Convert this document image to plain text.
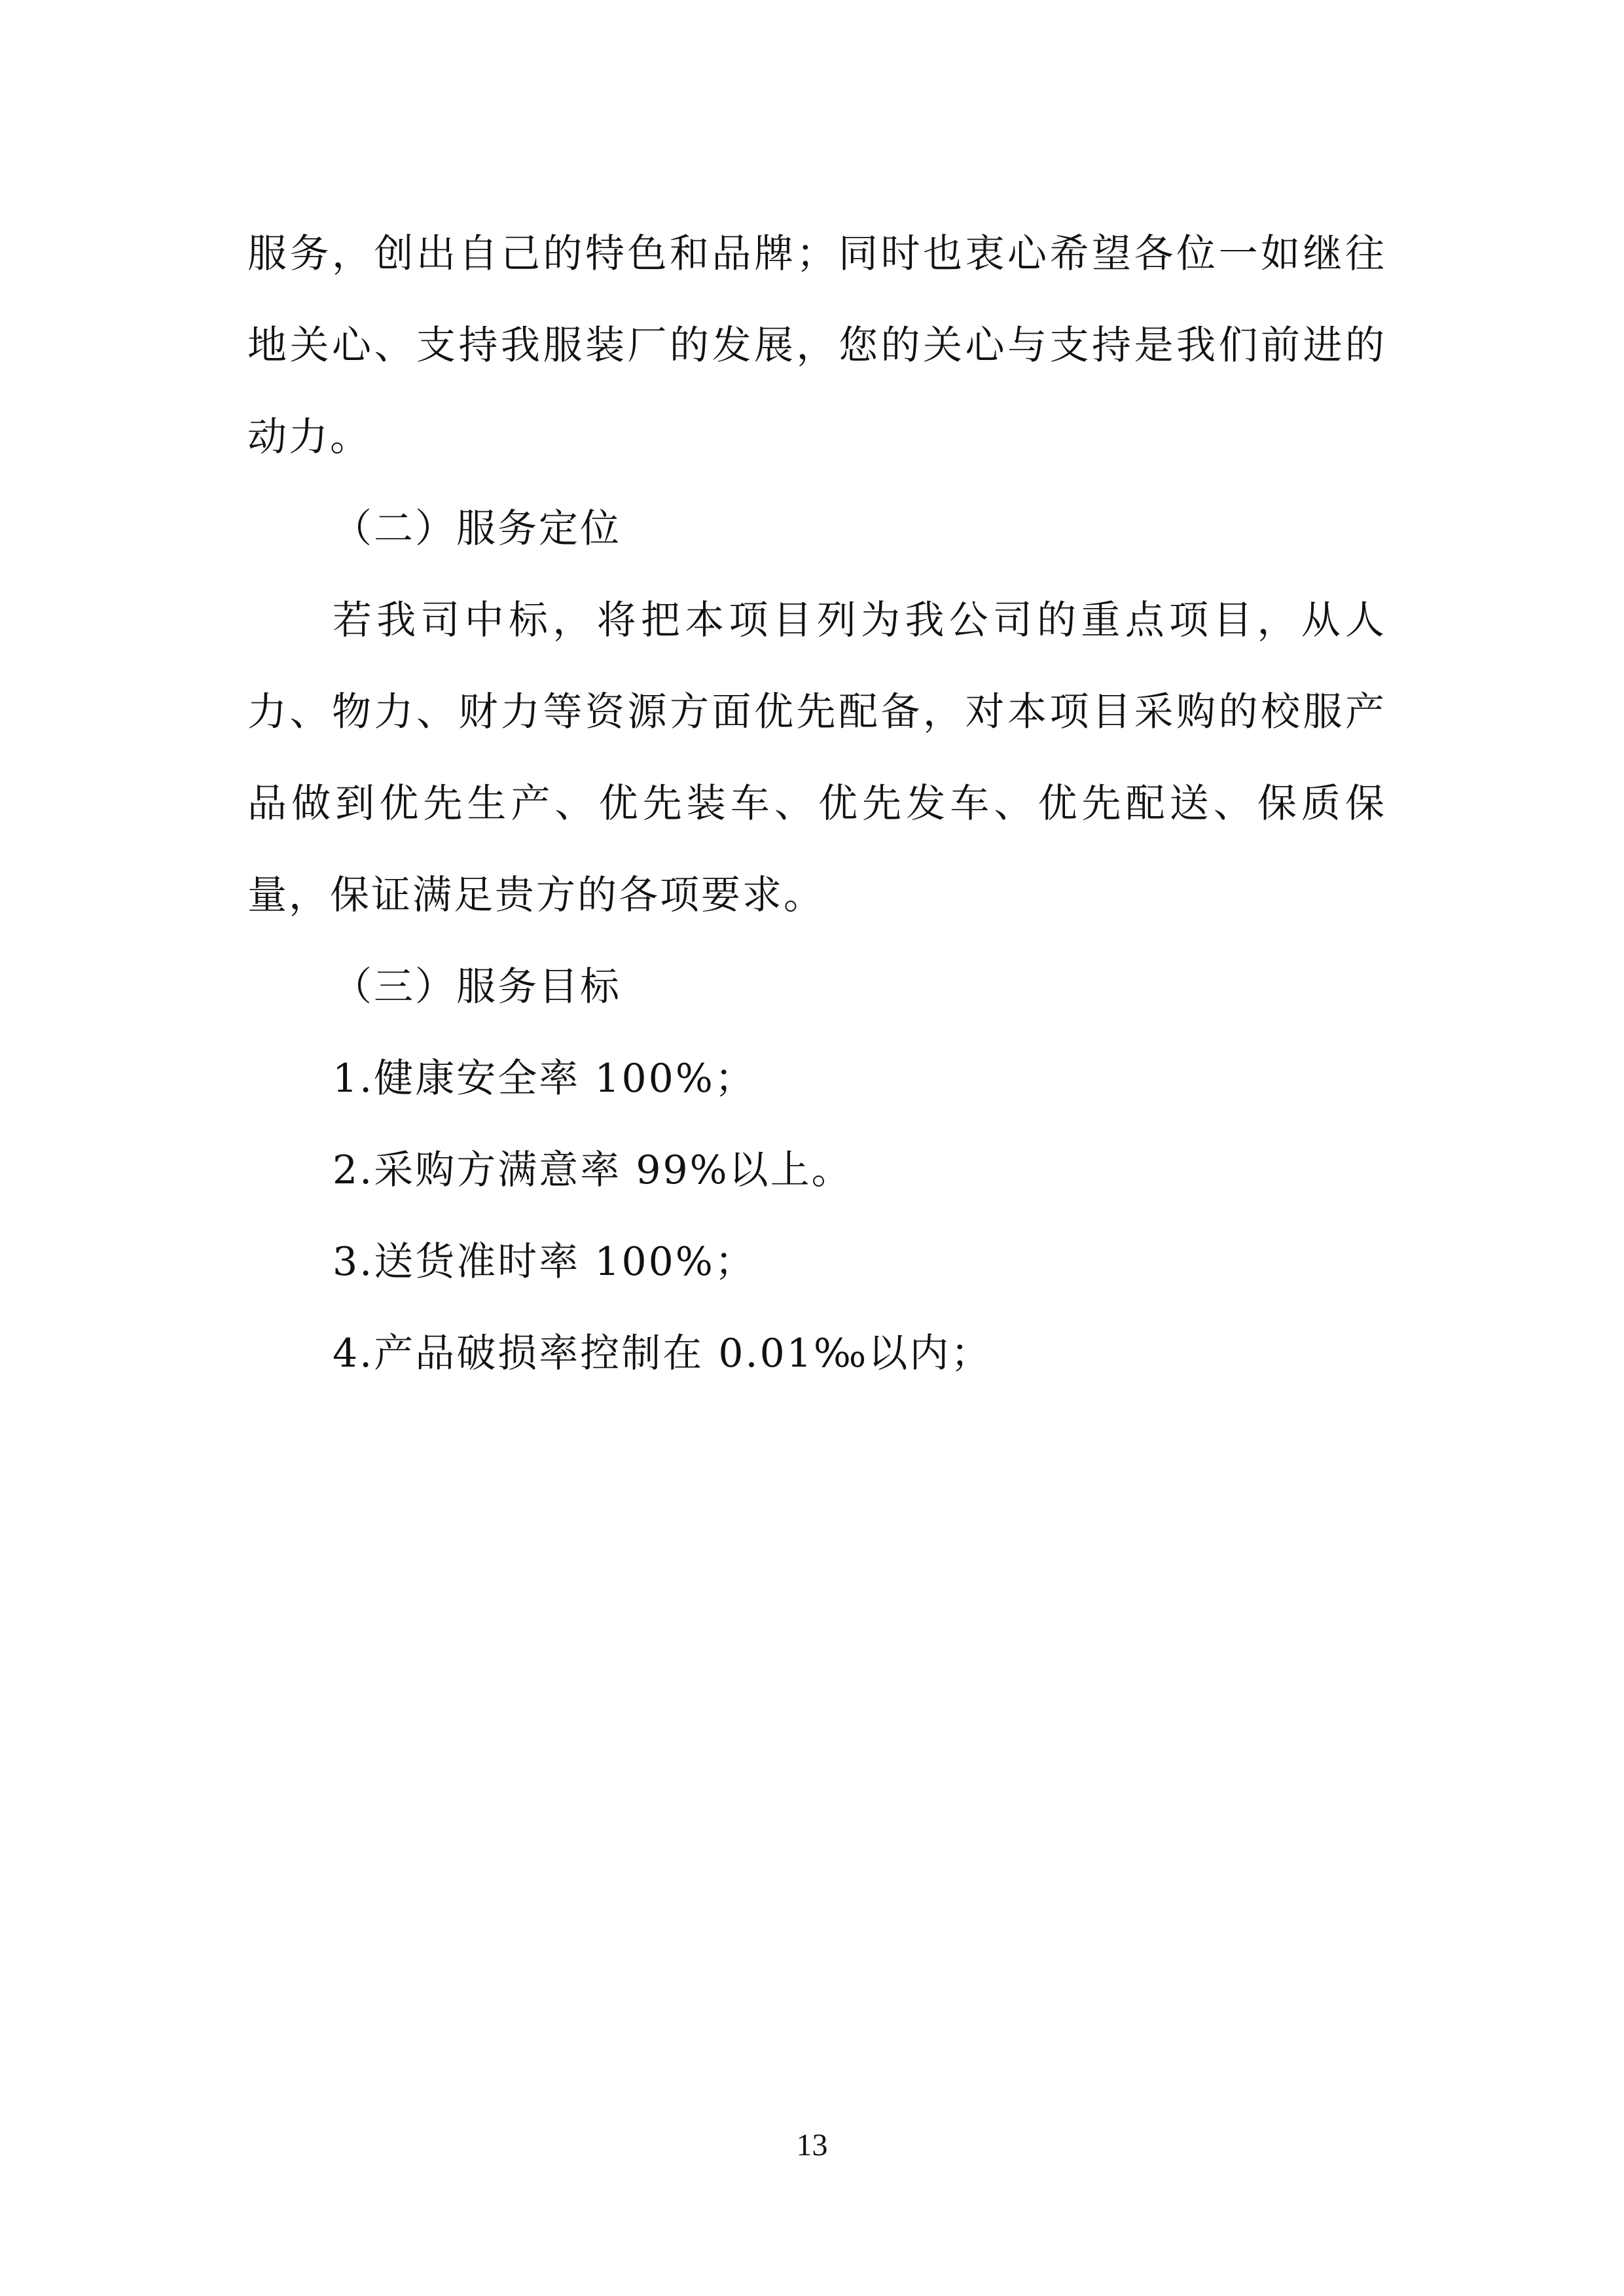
服务，创出自己的特色和品牌；同时也衷心希望各位一如继往地关心、支持我服装厂的发展，您的关心与支持是我们前进的动力。

（二）服务定位

若我司中标，将把本项目列为我公司的重点项目，从人力、物力、财力等资源方面优先配备，对本项目采购的校服产品做到优先生产、优先装车、优先发车、优先配送、保质保量，保证满足贵方的各项要求。

（三）服务目标

1.健康安全率 100%；

2.采购方满意率 99%以上。

3.送货准时率 100%；

4.产品破损率控制在 0.01‰以内；

13
